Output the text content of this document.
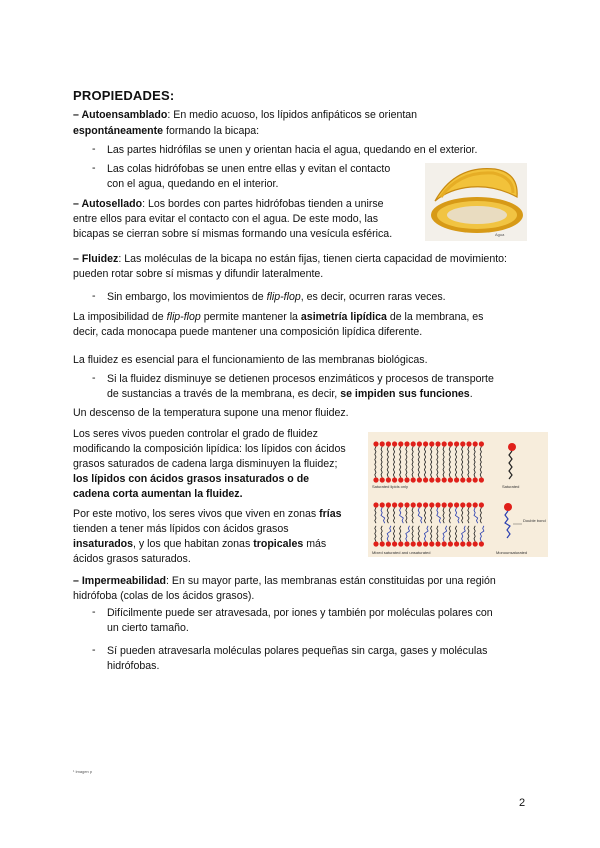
PROPIEDADES:
– Autoensamblado: En medio acuoso, los lípidos anfipáticos se orientan
espontáneamente formando la bicapa:
- Las partes hidrófilas se unen y orientan hacia el agua, quedando en el exterior.
- Las colas hidrófobas se unen entre ellas y evitan el contacto
con el agua, quedando en el interior.
– Autosellado: Los bordes con partes hidrófobas tienden a unirse
entre ellos para evitar el contacto con el agua. De este modo, las
bicapas se cierran sobre sí mismas formando una vesícula esférica.	Agua
– Fluidez: Las moléculas de la bicapa no están fijas, tienen cierta capacidad de movimiento:
pueden rotar sobre sí mismas y difundir lateralmente.
- Sin embargo, los movimientos de flip-flop, es decir, ocurren raras veces.
La imposibilidad de flip-flop permite mantener la asimetría lipídica de la membrana, es
decir, cada monocapa puede mantener una composición lipídica diferente.
La fluidez es esencial para el funcionamiento de las membranas biológicas.
- Si la fluidez disminuye se detienen procesos enzimáticos y procesos de transporte
de sustancias a través de la membrana, es decir, se impiden sus funciones.
Un descenso de la temperatura supone una menor fluidez.
Los seres vivos pueden controlar el grado de fluidez
modificando la composición lipídica: los lípidos con ácidos
grasos saturados de cadena larga disminuyen la fluidez;
los lípidos con ácidos grasos insaturados o de
cadena corta aumentan la fluidez.
Por este motivo, los seres vivos que viven en zonas frías
tienden a tener más lípidos con ácidos grasos
insaturados, y los que habitan zonas tropicales más
ácidos grasos saturados.
Saturated lipids only
Mixed saturated and unsaturated
Saturated
Double bond
Monounsaturated
– Impermeabilidad: En su mayor parte, las membranas están constituidas por una región
hidrófoba (colas de los ácidos grasos).
- Difícilmente puede ser atravesada, por iones y también por moléculas polares con
un cierto tamaño.
- Sí pueden atravesarla moléculas polares pequeñas sin carga, gases y moléculas
hidrófobas.
¹ Imagen p
2
